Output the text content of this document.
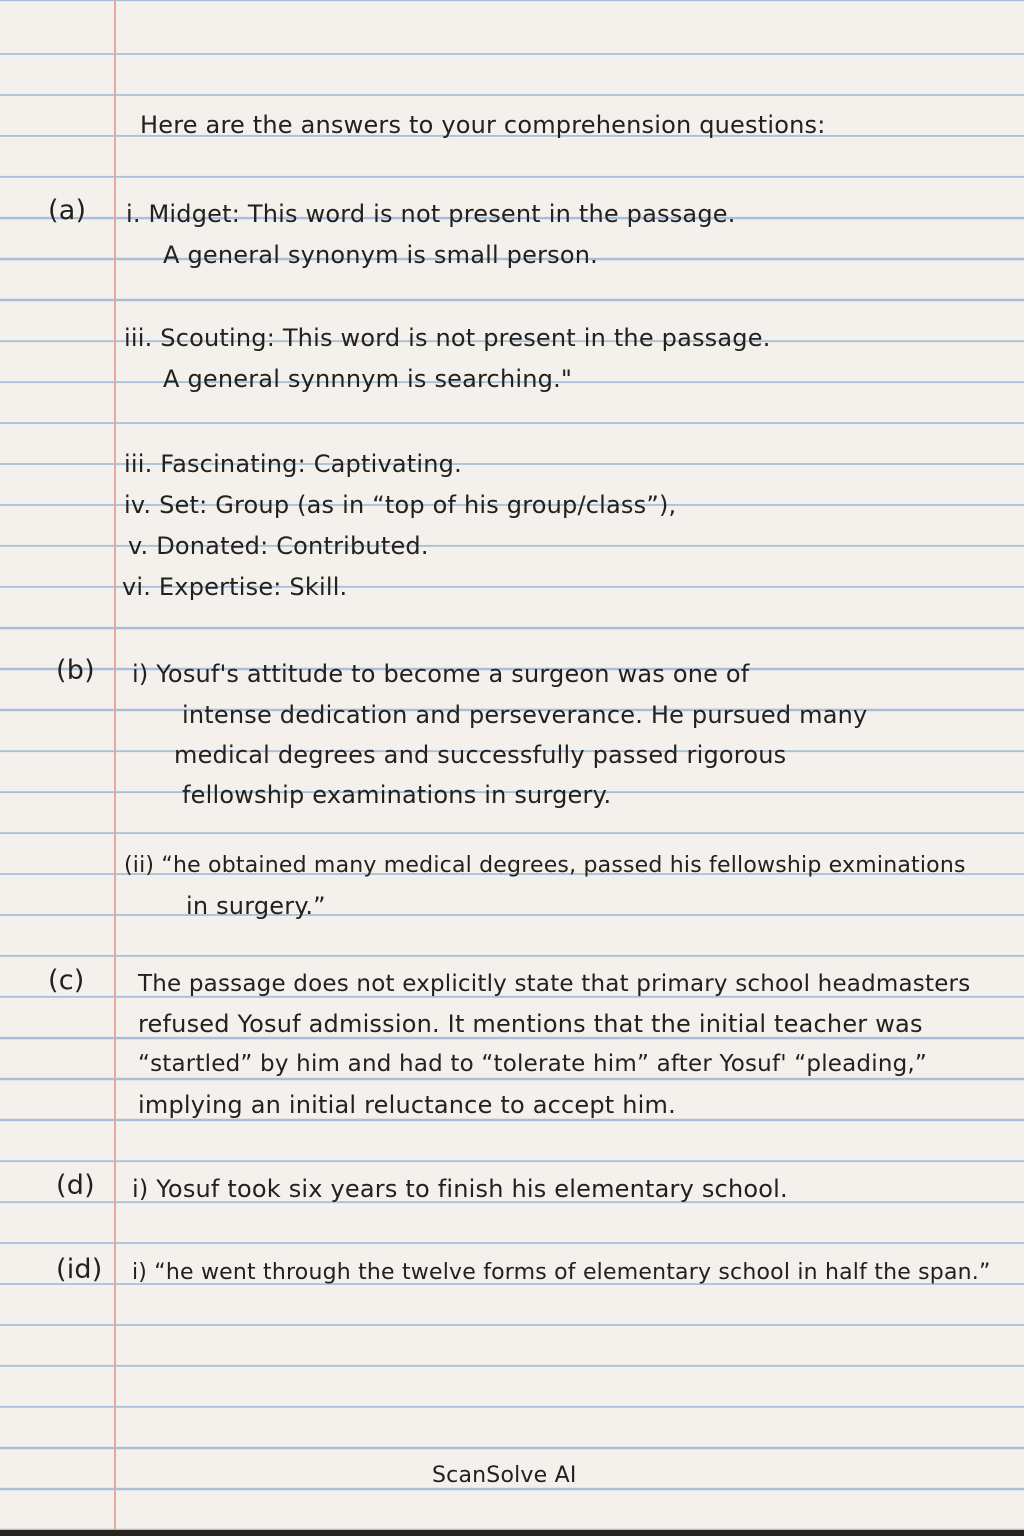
Here are the answers to your comprehension questions:

(a) i. Midget: This word is not present in the passage.

A general synonym is small person.

iii. Scouting: This word is not present in the passage.

A general synnnym is searching."

iii. Fascinating: Captivating.

iv. Set: Group (as in “top of his group/class”),

v. Donated: Contributed.

vi. Expertise: Skill.

(b) i) Yosuf's attitude to become a surgeon was one of

intense dedication and perseverance. He pursued many

medical degrees and successfully passed rigorous

fellowship examinations in surgery.

(ii) “he obtained many medical degrees, passed his fellowship exminations

in surgery.”

(c) The passage does not explicitly state that primary school headmasters

refused Yosuf admission. It mentions that the initial teacher was

“startled” by him and had to “tolerate him” after Yosuf' “pleading,”

implying an initial reluctance to accept him.

(d) i) Yosuf took six years to finish his elementary school.

(id) i) “he went through the twelve forms of elementary school in half the span.”

ScanSolve AI
